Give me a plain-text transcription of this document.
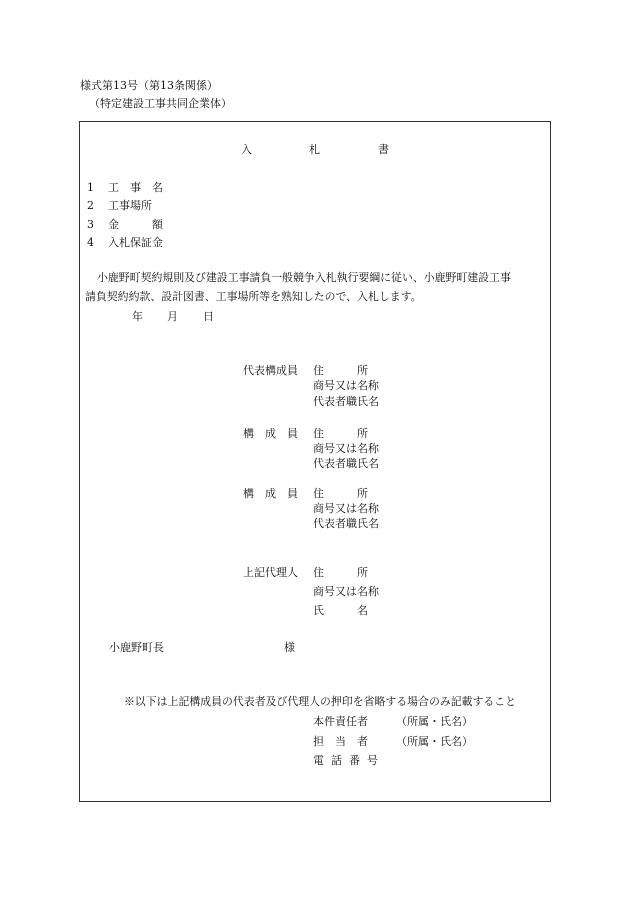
様式第13号（第13条関係）
（特定建設工事共同企業体）
入	札	書
1 工　事　名
2 工事場所
3 金　　　額
4 入札保証金
小鹿野町契約規則及び建設工事請負一般競争入札執行要綱に従い、小鹿野町建設工事
請負契約約款、設計図書、工事場所等を熟知したので、入札します。
年 月 日
代表構成員 住　　　所
商号又は名称
代表者職氏名
構　成　員 住　　　所
商号又は名称
代表者職氏名
構　成　員 住　　　所
商号又は名称
代表者職氏名
上記代理人 住　　　所
商号又は名称
氏　　　名
小鹿野町長	様
※以下は上記構成員の代表者及び代理人の押印を省略する場合のみ記載すること
本件責任者	（所属・氏名）
担　当　者	（所属・氏名）
電話番号
